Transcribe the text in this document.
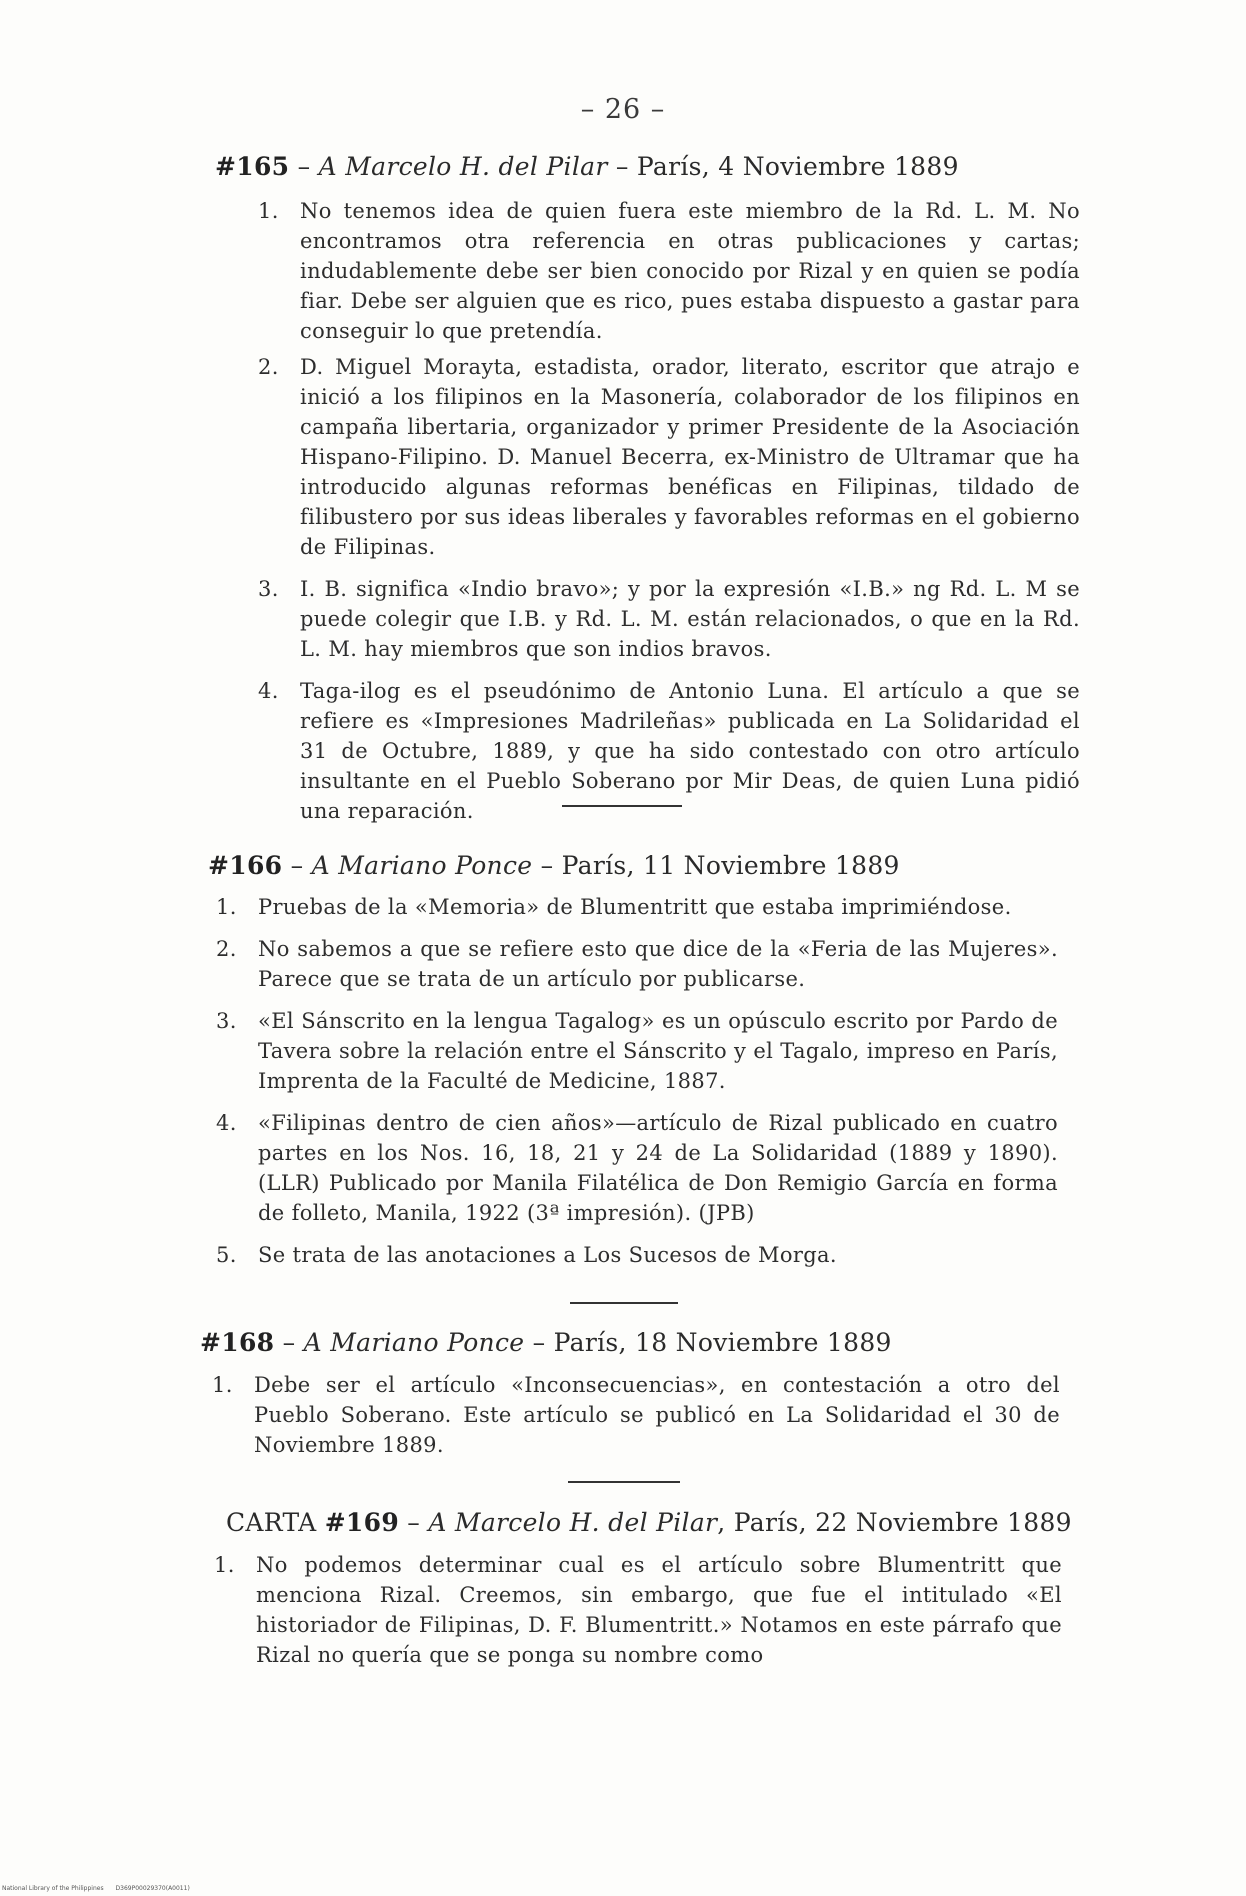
– 26 –

#165 – A Marcelo H. del Pilar – París, 4 Noviembre 1889

1. No tenemos idea de quien fuera este miembro de la Rd. L. M. No encontramos otra referencia en otras publicaciones y cartas; indudablemente debe ser bien conocido por Rizal y en quien se podía fiar. Debe ser alguien que es rico, pues estaba dispuesto a gastar para conseguir lo que pretendía.
2. D. Miguel Morayta, estadista, orador, literato, escritor que atrajo e inició a los filipinos en la Masonería, colaborador de los filipinos en campaña libertaria, organizador y primer Presidente de la Asociación Hispano-Filipino. D. Manuel Becerra, ex-Ministro de Ultramar que ha introducido algunas reformas benéficas en Filipinas, tildado de filibustero por sus ideas liberales y favorables reformas en el gobierno de Filipinas.
3. I. B. significa «Indio bravo»; y por la expresión «I.B.» ng Rd. L. M se puede colegir que I.B. y Rd. L. M. están relacionados, o que en la Rd. L. M. hay miembros que son indios bravos.
4. Taga-ilog es el pseudónimo de Antonio Luna. El artículo a que se refiere es «Impresiones Madrileñas» publicada en La Solidaridad el 31 de Octubre, 1889, y que ha sido contestado con otro artículo insultante en el Pueblo Soberano por Mir Deas, de quien Luna pidió una reparación.

#166 – A Mariano Ponce – París, 11 Noviembre 1889

1. Pruebas de la «Memoria» de Blumentritt que estaba imprimiéndose.
2. No sabemos a que se refiere esto que dice de la «Feria de las Mujeres». Parece que se trata de un artículo por publicarse.
3. «El Sánscrito en la lengua Tagalog» es un opúsculo escrito por Pardo de Tavera sobre la relación entre el Sánscrito y el Tagalo, impreso en París, Imprenta de la Faculté de Medicine, 1887.
4. «Filipinas dentro de cien años»—artículo de Rizal publicado en cuatro partes en los Nos. 16, 18, 21 y 24 de La Solidaridad (1889 y 1890). (LLR) Publicado por Manila Filatélica de Don Remigio García en forma de folleto, Manila, 1922 (3ª impresión). (JPB)
5. Se trata de las anotaciones a Los Sucesos de Morga.

#168 – A Mariano Ponce – París, 18 Noviembre 1889

1. Debe ser el artículo «Inconsecuencias», en contestación a otro del Pueblo Soberano. Este artículo se publicó en La Solidaridad el 30 de Noviembre 1889.

CARTA #169 – A Marcelo H. del Pilar, París, 22 Noviembre 1889

1. No podemos determinar cual es el artículo sobre Blumentritt que menciona Rizal. Creemos, sin embargo, que fue el intitulado «El historiador de Filipinas, D. F. Blumentritt.» Notamos en este párrafo que Rizal no quería que se ponga su nombre como
National Library of the Philippines D369P00029370(A0011)
